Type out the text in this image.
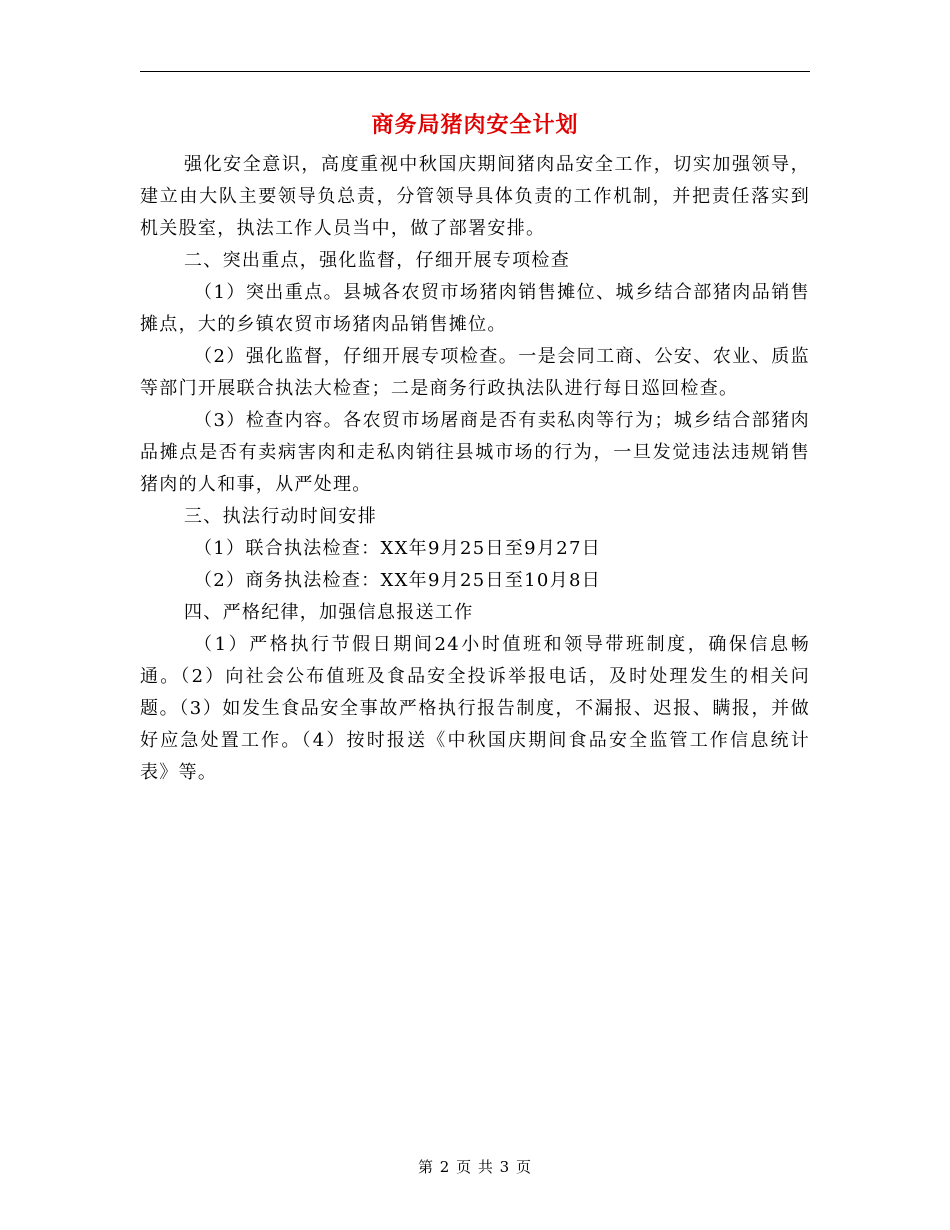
商务局猪肉安全计划

强化安全意识，高度重视中秋国庆期间猪肉品安全工作，切实加强领导，建立由大队主要领导负总责，分管领导具体负责的工作机制，并把责任落实到机关股室，执法工作人员当中，做了部署安排。

二、突出重点，强化监督，仔细开展专项检查

（1）突出重点。县城各农贸市场猪肉销售摊位、城乡结合部猪肉品销售摊点，大的乡镇农贸市场猪肉品销售摊位。

（2）强化监督，仔细开展专项检查。一是会同工商、公安、农业、质监等部门开展联合执法大检查；二是商务行政执法队进行每日巡回检查。

（3）检查内容。各农贸市场屠商是否有卖私肉等行为；城乡结合部猪肉品摊点是否有卖病害肉和走私肉销往县城市场的行为，一旦发觉违法违规销售猪肉的人和事，从严处理。

三、执法行动时间安排

（1）联合执法检查：XX年9月25日至9月27日

（2）商务执法检查：XX年9月25日至10月8日

四、严格纪律，加强信息报送工作

（1）严格执行节假日期间24小时值班和领导带班制度，确保信息畅通。（2）向社会公布值班及食品安全投诉举报电话，及时处理发生的相关问题。（3）如发生食品安全事故严格执行报告制度，不漏报、迟报、瞒报，并做好应急处置工作。（4）按时报送《中秋国庆期间食品安全监管工作信息统计表》等。

第 2 页 共 3 页
